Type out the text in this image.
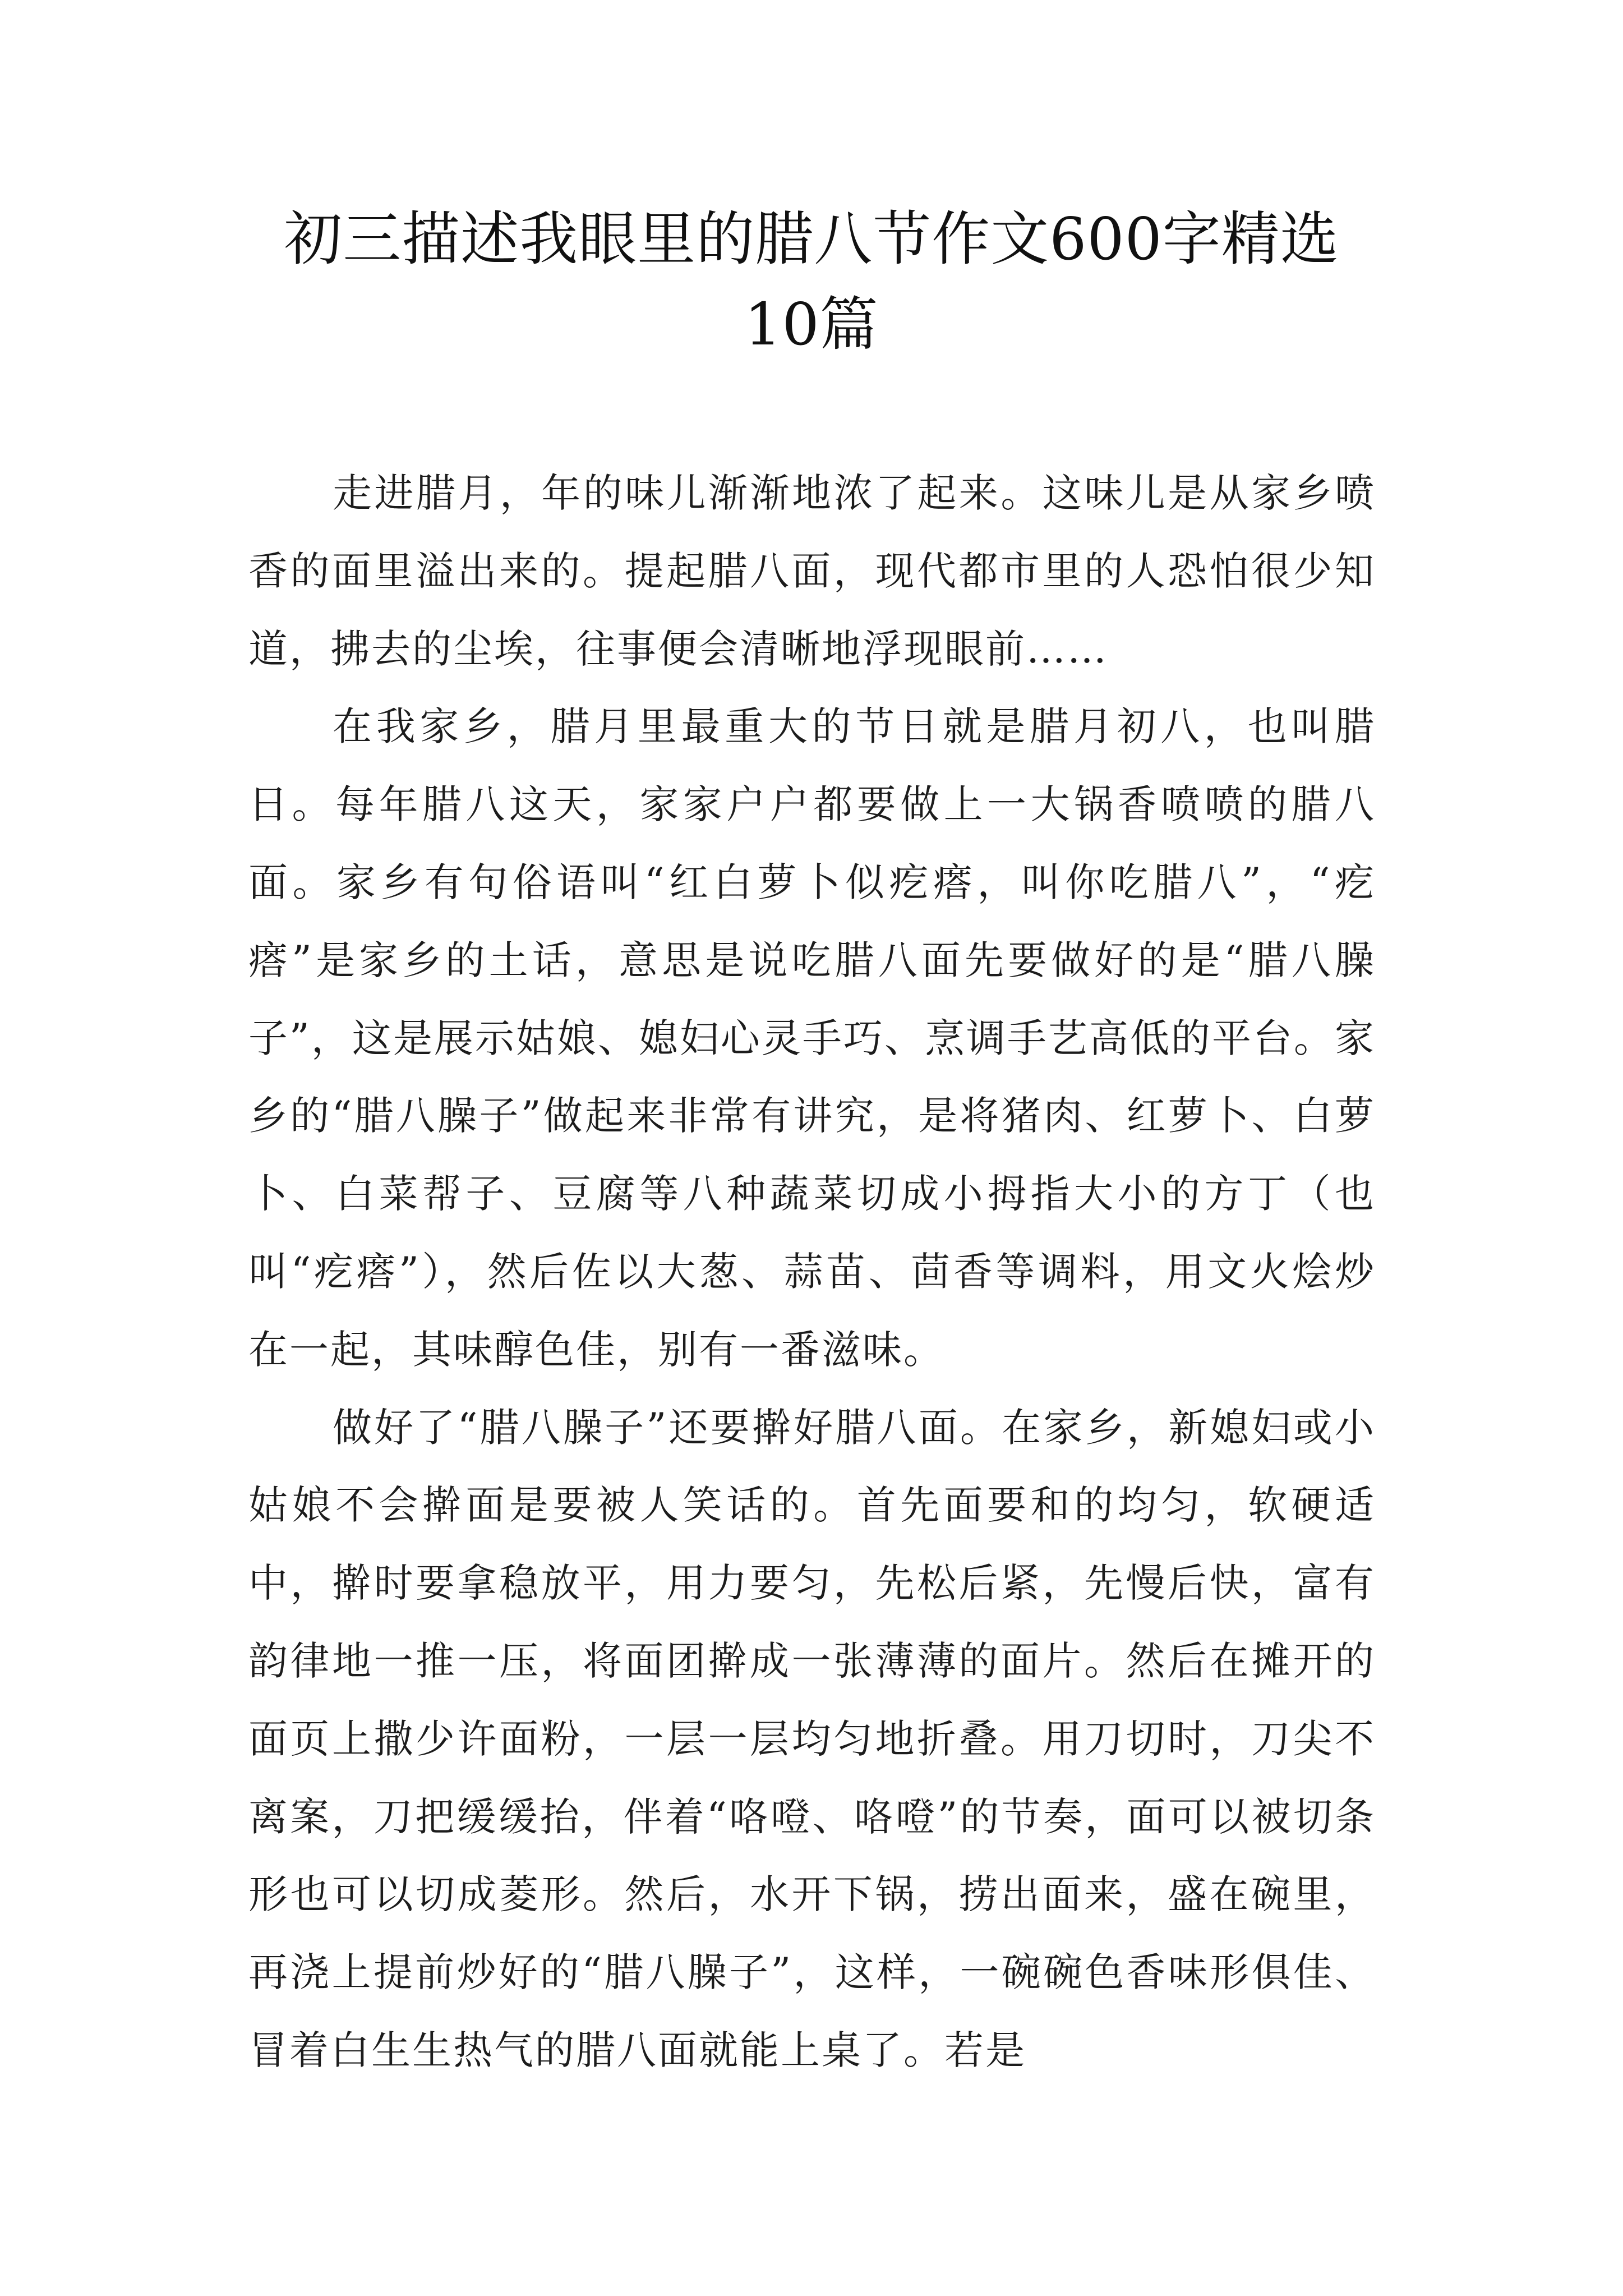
初三描述我眼里的腊八节作文600字精选
10篇

走进腊月，年的味儿渐渐地浓了起来。这味儿是从家乡喷香的面里溢出来的。提起腊八面，现代都市里的人恐怕很少知道，拂去的尘埃，往事便会清晰地浮现眼前……

在我家乡，腊月里最重大的节日就是腊月初八，也叫腊日。每年腊八这天，家家户户都要做上一大锅香喷喷的腊八面。家乡有句俗语叫“红白萝卜似疙瘩，叫你吃腊八”，“疙瘩”是家乡的土话，意思是说吃腊八面先要做好的是“腊八臊子”，这是展示姑娘、媳妇心灵手巧、烹调手艺高低的平台。家乡的“腊八臊子”做起来非常有讲究，是将猪肉、红萝卜、白萝卜、白菜帮子、豆腐等八种蔬菜切成小拇指大小的方丁（也叫“疙瘩”），然后佐以大葱、蒜苗、茴香等调料，用文火烩炒在一起，其味醇色佳，别有一番滋味。

做好了“腊八臊子”还要擀好腊八面。在家乡，新媳妇或小姑娘不会擀面是要被人笑话的。首先面要和的均匀，软硬适中，擀时要拿稳放平，用力要匀，先松后紧，先慢后快，富有韵律地一推一压，将面团擀成一张薄薄的面片。然后在摊开的面页上撒少许面粉，一层一层均匀地折叠。用刀切时，刀尖不离案，刀把缓缓抬，伴着“咯噔、咯噔”的节奏，面可以被切条形也可以切成菱形。然后，水开下锅，捞出面来，盛在碗里，再浇上提前炒好的“腊八臊子”，这样，一碗碗色香味形俱佳、冒着白生生热气的腊八面就能上桌了。若是
